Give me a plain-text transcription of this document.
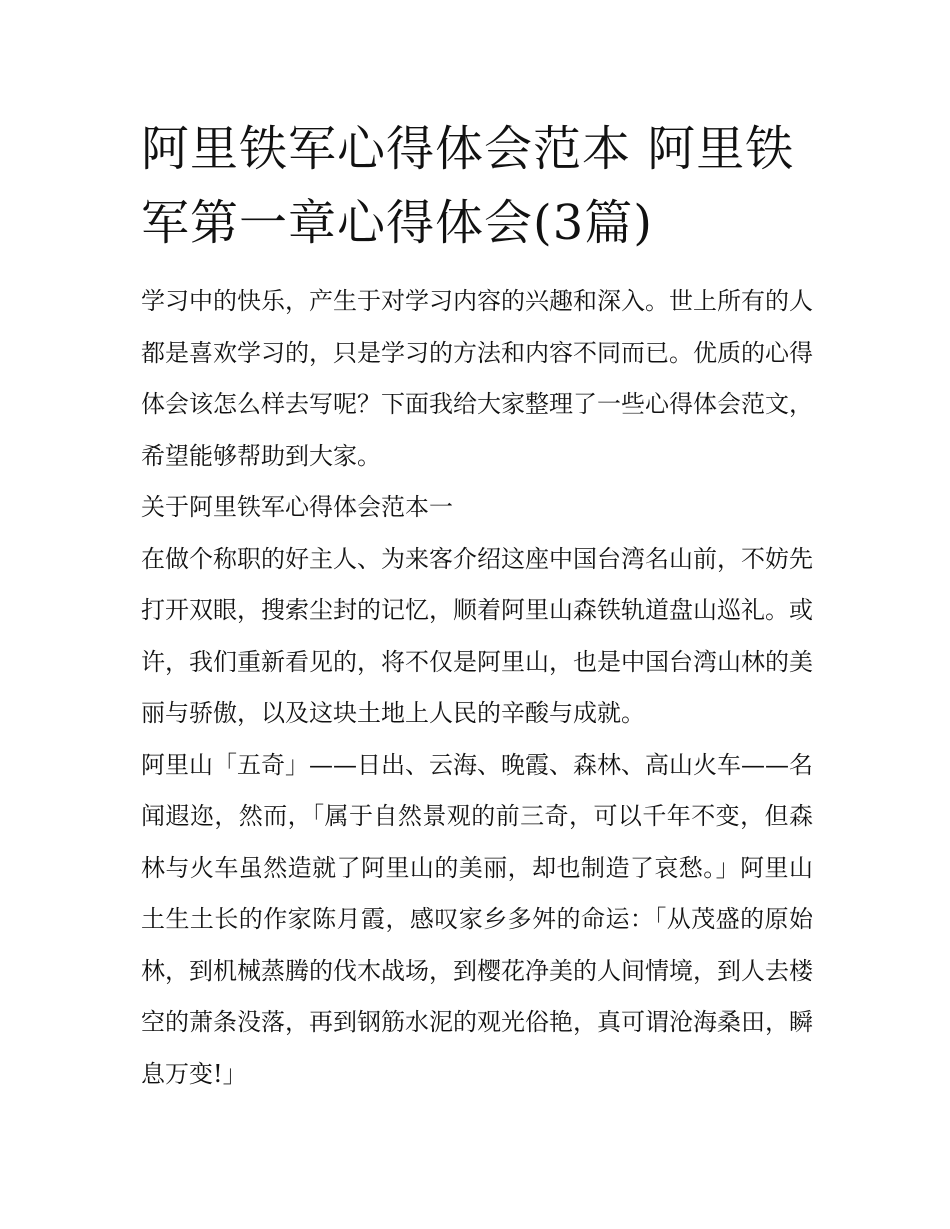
阿里铁军心得体会范本 阿里铁军第一章心得体会(3篇)

学习中的快乐，产生于对学习内容的兴趣和深入。世上所有的人都是喜欢学习的，只是学习的方法和内容不同而已。优质的心得体会该怎么样去写呢？下面我给大家整理了一些心得体会范文，希望能够帮助到大家。

关于阿里铁军心得体会范本一

在做个称职的好主人、为来客介绍这座中国台湾名山前，不妨先打开双眼，搜索尘封的记忆，顺着阿里山森铁轨道盘山巡礼。或许，我们重新看见的，将不仅是阿里山，也是中国台湾山林的美丽与骄傲，以及这块土地上人民的辛酸与成就。

阿里山「五奇」——日出、云海、晚霞、森林、高山火车——名闻遐迩，然而，「属于自然景观的前三奇，可以千年不变，但森林与火车虽然造就了阿里山的美丽，却也制造了哀愁。」阿里山土生土长的作家陈月霞，感叹家乡多舛的命运：「从茂盛的原始林，到机械蒸腾的伐木战场，到樱花净美的人间情境，到人去楼空的萧条没落，再到钢筋水泥的观光俗艳，真可谓沧海桑田，瞬息万变!」
